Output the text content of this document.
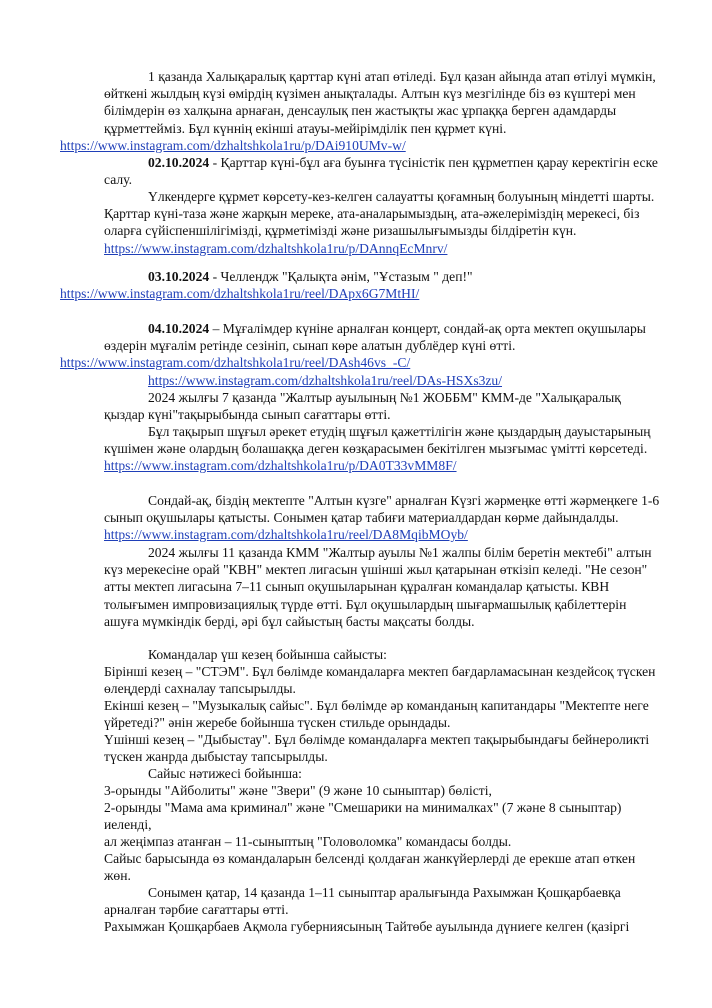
1 қазанда Халықаралық қарттар күні атап өтіледі. Бұл қазан айында атап өтілуі мүмкін, өйткені жылдың күзі өмірдің күзімен анықталады. Алтын күз мезгілінде біз өз күштері мен білімдерін өз халқына арнаған, денсаулық пен жастықты жас ұрпаққа берген адамдарды құрметтейміз. Бұл күннің екінші атауы-мейірімділік пен құрмет күні.
https://www.instagram.com/dzhaltshkola1ru/p/DAi910UMv-w/

02.10.2024 - Қарттар күні-бұл аға буынға түсіністік пен құрметпен қарау керектігін еске салу.

Үлкендерге құрмет көрсету-кез-келген салауатты қоғамның болуының міндетті шарты. Қарттар күні-таза және жарқын мереке, ата-аналарымыздың, ата-әжелеріміздің мерекесі, біз оларға сүйіспеншілігімізді, құрметімізді және ризашылығымызды білдіретін күн. https://www.instagram.com/dzhaltshkola1ru/p/DAnnqEcMnrv/

03.10.2024 - Челлендж "Қалықта әнім, "Ұстазым " деп!"
https://www.instagram.com/dzhaltshkola1ru/reel/DApx6G7MtHI/

04.10.2024 – Мұғалімдер күніне арналған концерт, сондай-ақ орта мектеп оқушылары өздерін мұғалім ретінде сезініп, сынап көре алатын дублёдер күні өтті.
https://www.instagram.com/dzhaltshkola1ru/reel/DAsh46vs_-C/

https://www.instagram.com/dzhaltshkola1ru/reel/DAs-HSXs3zu/

2024 жылғы 7 қазанда "Жалтыр ауылының №1 ЖОББМ" КММ-де "Халықаралық қыздар күні"тақырыбында сынып сағаттары өтті.

Бұл тақырып шұғыл әрекет етудің шұғыл қажеттілігін және қыздардың дауыстарының күшімен және олардың болашаққа деген көзқарасымен бекітілген мызғымас үмітті көрсетеді.
https://www.instagram.com/dzhaltshkola1ru/p/DA0T33vMM8F/

Сондай-ақ, біздің мектепте "Алтын күзге" арналған Күзгі жәрмеңке өтті жәрмеңкеге 1-6 сынып оқушылары қатысты. Сонымен қатар табиғи материалдардан көрме дайындалды.
https://www.instagram.com/dzhaltshkola1ru/reel/DA8MqibMOyb/

2024 жылғы 11 қазанда КММ "Жалтыр ауылы №1 жалпы білім беретін мектебі" алтын күз мерекесіне орай "КВН" мектеп лигасын үшінші жыл қатарынан өткізіп келеді. "Не сезон" атты мектеп лигасына 7–11 сынып оқушыларынан құралған командалар қатысты. КВН толығымен импровизациялық түрде өтті. Бұл оқушылардың шығармашылық қабілеттерін ашуға мүмкіндік берді, әрі бұл сайыстың басты мақсаты болды.

Командалар үш кезең бойынша сайысты:

Бірінші кезең – "СТЭМ". Бұл бөлімде командаларға мектеп бағдарламасынан кездейсоқ түскен өлеңдерді сахналау тапсырылды.

Екінші кезең – "Музыкалық сайыс". Бұл бөлімде әр команданың капитандары "Мектепте неге үйретеді?" әнін жеребе бойынша түскен стильде орындады.

Үшінші кезең – "Дыбыстау". Бұл бөлімде командаларға мектеп тақырыбындағы бейнероликті түскен жанрда дыбыстау тапсырылды.

Сайыс нәтижесі бойынша:

3-орынды "Айболиты" және "Звери" (9 және 10 сыныптар) бөлісті,

2-орынды "Мама ама криминал" және "Смешарики на минималках" (7 және 8 сыныптар) иеленді,

ал жеңімпаз атанған – 11-сыныптың "Головоломка" командасы болды.

Сайыс барысында өз командаларын белсенді қолдаған жанкүйерлерді де ерекше атап өткен жөн.

Сонымен қатар, 14 қазанда 1–11 сыныптар аралығында Рахымжан Қошқарбаевқа арналған тәрбие сағаттары өтті.

Рахымжан Қошқарбаев Ақмола губерниясының Тайтөбе ауылында дүниеге келген (қазіргі
